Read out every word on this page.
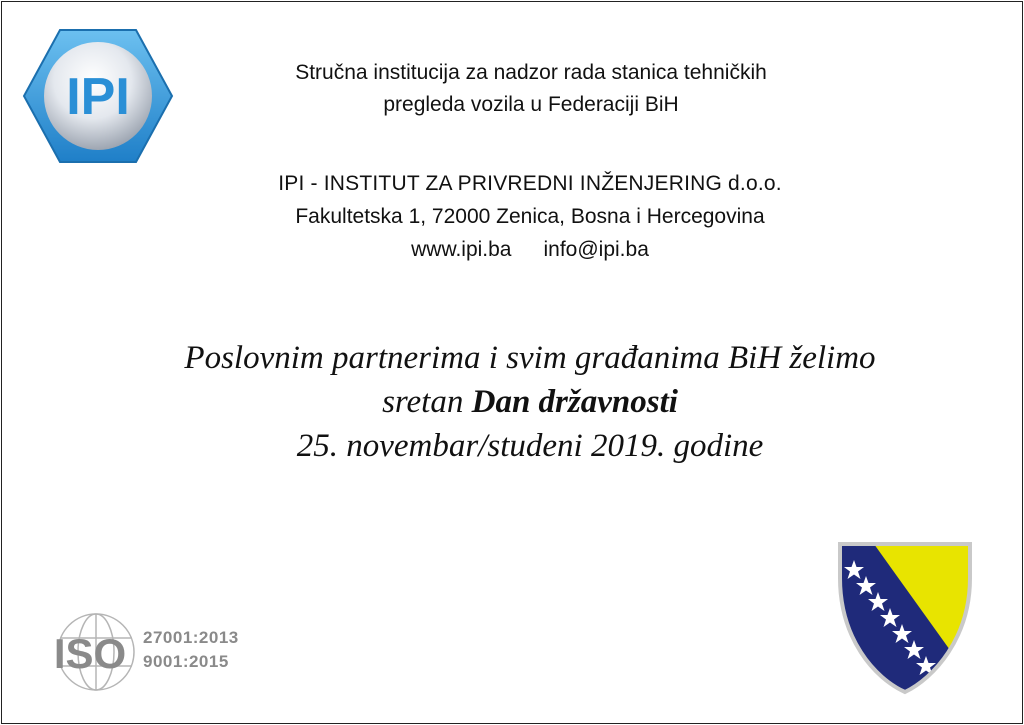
IPI	Stručna institucija za nadzor rada stanica tehničkih
pregleda vozila u Federaciji BiH
IPI - INSTITUT ZA PRIVREDNI INŽENJERING d.o.o.
Fakultetska 1, 72000 Zenica, Bosna i Hercegovina
www.ipi.ba info@ipi.ba
Poslovnim partnerima i svim građanima BiH želimo
sretan Dan državnosti
25. novembar/studeni 2019. godine
ISO 27001:2013
9001:2015
